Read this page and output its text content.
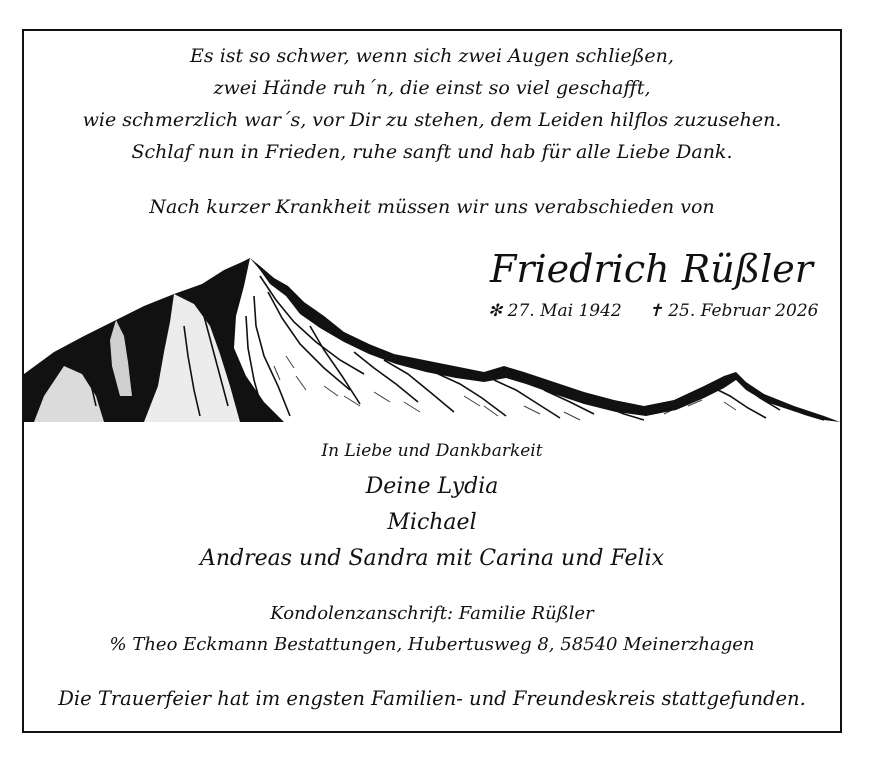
Es ist so schwer, wenn sich zwei Augen schließen,
zwei Hände ruh´n, die einst so viel geschafft,
wie schmerzlich war´s, vor Dir zu stehen, dem Leiden hilflos zuzusehen.
Schlaf nun in Frieden, ruhe sanft und hab für alle Liebe Dank.
Nach kurzer Krankheit müssen wir uns verabschieden von
Friedrich Rüßler
✻ 27. Mai 1942 ✝ 25. Februar 2026
In Liebe und Dankbarkeit
Deine Lydia
Michael
Andreas und Sandra mit Carina und Felix
Kondolenzanschrift: Familie Rüßler
% Theo Eckmann Bestattungen, Hubertusweg 8, 58540 Meinerzhagen
Die Trauerfeier hat im engsten Familien- und Freundeskreis stattgefunden.
